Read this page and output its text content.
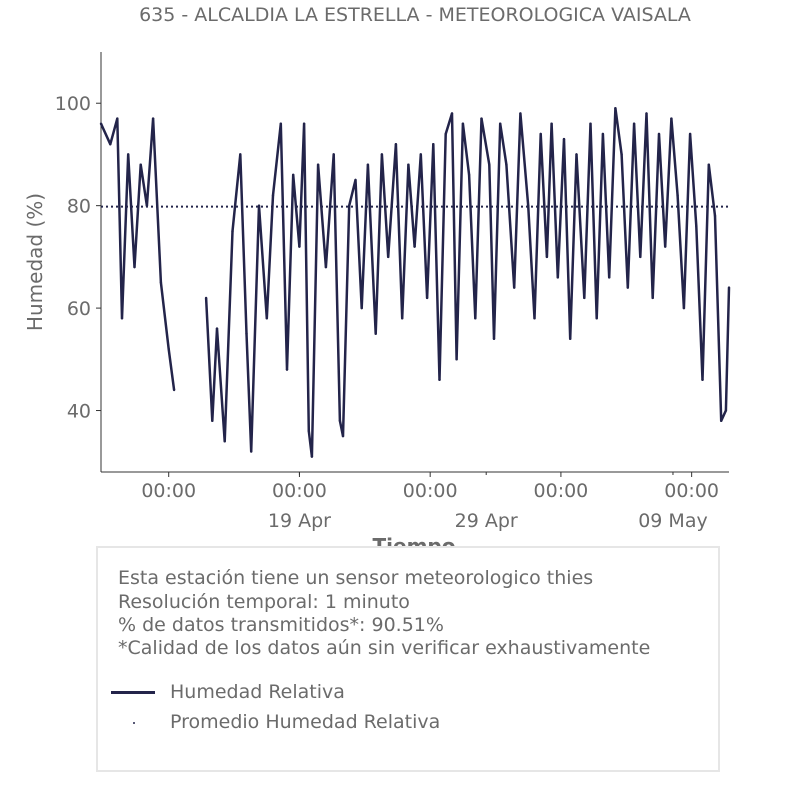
635 - ALCALDIA LA ESTRELLA - METEOROLOGICA VAISALA
40
60
80
100
00:00	00:00	00:00	00:00	00:00
19 Apr	29 Apr	09 May
Humedad (%)
Esta estación tiene un sensor meteorologico thies
Resolución temporal: 1 minuto
% de datos transmitidos*: 90.51%
*Calidad de los datos aún sin verificar exhaustivamente
Humedad Relativa
Promedio Humedad Relativa
